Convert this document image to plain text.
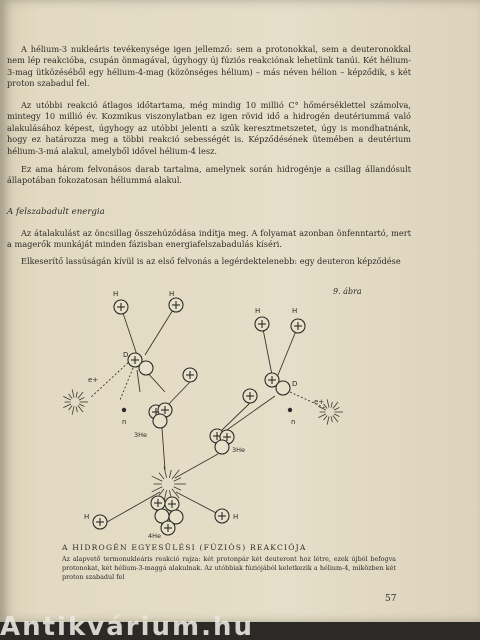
A hélium-3 nukleáris tevékenysége igen jellemző: sem a protonokkal, sem a deuteronokkal nem lép reakcióba, csupán önmagával, úgyhogy új fúziós reakciónak lehetünk tanúi. Két hélium-3-mag ütközéséből egy hélium-4-mag (közönséges hélium) – más néven hélion – képződik, s két proton szabadul fel.

Az utóbbi reakció átlagos időtartama, még mindig 10 millió C° hőmérséklettel számolva, mintegy 10 millió év. Kozmikus viszonylatban ez igen rövid idő a hidrogén deutériummá való alakulásához képest, úgyhogy az utóbbi jelenti a szűk keresztmetszetet, úgy is mondhatnánk, hogy ez határozza meg a többi reakció sebességét is. Képződésének ütemében a deutérium hélium-3-má alakul, amelyből idővel hélium-4 lesz.

Ez ama három felvonásos darab tartalma, amelynek során hidrogénje a csillag állandósult állapotában fokozatosan héliummá alakul.

A felszabadult energia

Az átalakulást az öncsillag összehúzódása indítja meg. A folyamat azonban önfenntartó, mert a magerők munkáját minden fázisban energiafelszabadulás kíséri.

Elkeserítő lassúságán kívül is az első felvonás a legérdektelenebb: egy deuteron képződése

9. ábra
H	H
D
e+
n
H	H
D
e+
n
3He
3He
H	H
4He

A HIDROGÉN EGYESÜLÉSI (FÚZIÓS) REAKCIÓJA

Az alapvető termonukleáris reakció rajza: két protonpár két deuteront hoz létre, ezek újból befogva protonokat, két hélium-3-maggá alakulnak. Az utóbbiak fúziójából keletkezik a hélium-4, miközben két proton szabadul fel

57
Antikvárium.hu
